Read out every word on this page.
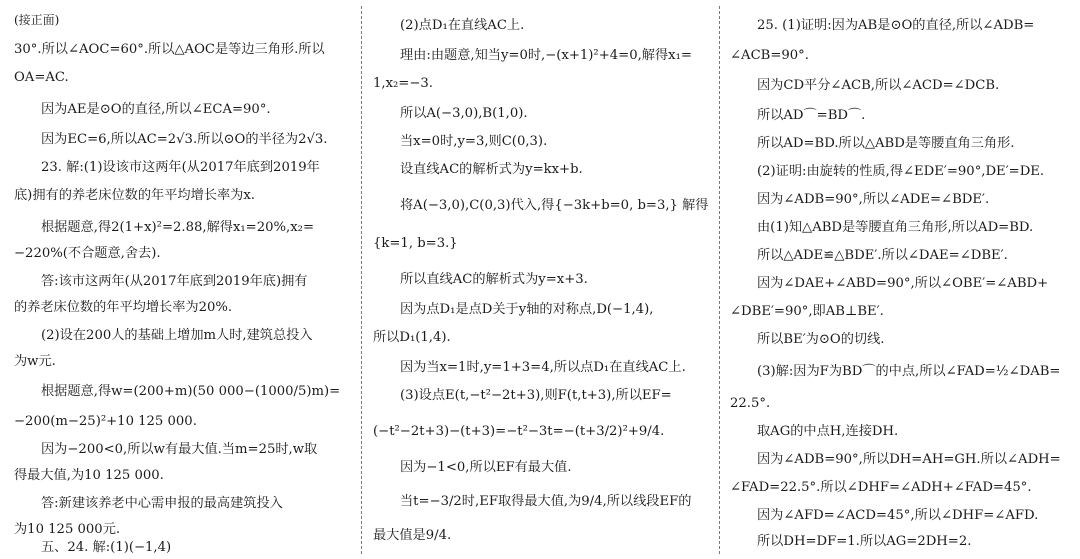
(接正面)
30°.所以∠AOC=60°.所以△AOC是等边三角形.所以
OA=AC.
因为AE是⊙O的直径,所以∠ECA=90°.
因为EC=6,所以AC=2√3.所以⊙O的半径为2√3.
23. 解:(1)设该市这两年(从2017年底到2019年
底)拥有的养老床位数的年平均增长率为x.
根据题意,得2(1+x)²=2.88,解得x₁=20%,x₂=
−220%(不合题意,舍去).
答:该市这两年(从2017年底到2019年底)拥有
的养老床位数的年平均增长率为20%.
(2)设在200人的基础上增加m人时,建筑总投入
为w元.
根据题意,得w=(200+m)(50 000−(1000/5)m)=
−200(m−25)²+10 125 000.
因为−200<0,所以w有最大值.当m=25时,w取
得最大值,为10 125 000.
答:新建该养老中心需申报的最高建筑投入
为10 125 000元.
五、24. 解:(1)(−1,4)
(2)点D₁在直线AC上.
理由:由题意,知当y=0时,−(x+1)²+4=0,解得x₁=
1,x₂=−3.
所以A(−3,0),B(1,0).
当x=0时,y=3,则C(0,3).
设直线AC的解析式为y=kx+b.
将A(−3,0),C(0,3)代入,得{−3k+b=0, b=3,} 解得
{k=1, b=3.}
所以直线AC的解析式为y=x+3.
因为点D₁是点D关于y轴的对称点,D(−1,4),
所以D₁(1,4).
因为当x=1时,y=1+3=4,所以点D₁在直线AC上.
(3)设点E(t,−t²−2t+3),则F(t,t+3),所以EF=
(−t²−2t+3)−(t+3)=−t²−3t=−(t+3/2)²+9/4.
因为−1<0,所以EF有最大值.
当t=−3/2时,EF取得最大值,为9/4,所以线段EF的
最大值是9/4.
25. (1)证明:因为AB是⊙O的直径,所以∠ADB=
∠ACB=90°.
因为CD平分∠ACB,所以∠ACD=∠DCB.
所以AD⌒=BD⌒.
所以AD=BD.所以△ABD是等腰直角三角形.
(2)证明:由旋转的性质,得∠EDE′=90°,DE′=DE.
因为∠ADB=90°,所以∠ADE=∠BDE′.
由(1)知△ABD是等腰直角三角形,所以AD=BD.
所以△ADE≌△BDE′.所以∠DAE=∠DBE′.
因为∠DAE+∠ABD=90°,所以∠OBE′=∠ABD+
∠DBE′=90°,即AB⊥BE′.
所以BE′为⊙O的切线.
(3)解:因为F为BD⌒的中点,所以∠FAD=½∠DAB=
22.5°.
取AG的中点H,连接DH.
因为∠ADB=90°,所以DH=AH=GH.所以∠ADH=
∠FAD=22.5°.所以∠DHF=∠ADH+∠FAD=45°.
因为∠AFD=∠ACD=45°,所以∠DHF=∠AFD.
所以DH=DF=1.所以AG=2DH=2.
